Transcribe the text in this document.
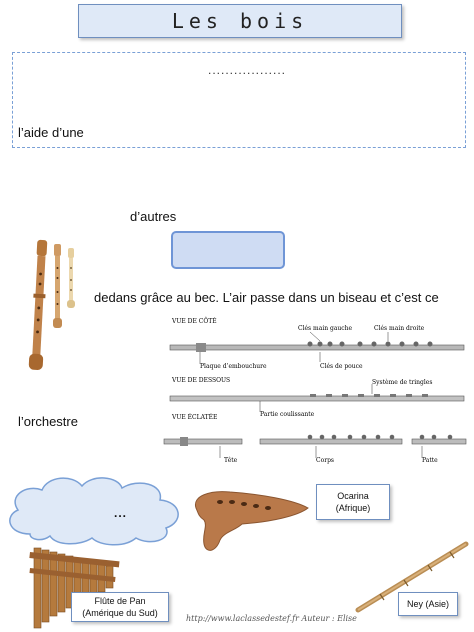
Les bois
..................
l’aide d’une
d’autres
dedans grâce au bec. L’air passe dans un biseau et c’est ce
l’orchestre
VUE DE CÔTÉ
VUE DE DESSOUS
VUE ÉCLATÉE
Clés main gauche	Clés main droite
Plaque d’embouchure	Clés de pouce
Système de tringles
Partie coulissante
Tête	Corps	Patte
...
Ocarina
(Afrique)
Flûte de Pan
(Amérique du Sud)
Ney (Asie)
http://www.laclassedestef.fr Auteur : Elise
